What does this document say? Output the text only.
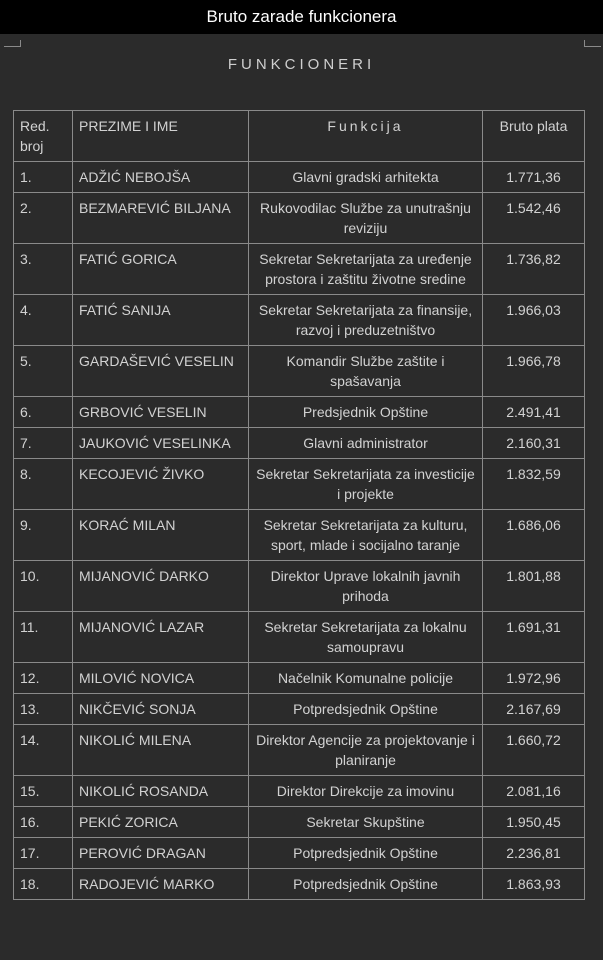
Bruto zarade funkcionera
FUNKCIONERI
Red. broj	PREZIME I IME	Funkcija	Bruto plata
1.	ADŽIĆ NEBOJŠA	Glavni gradski arhitekta	1.771,36
2.	BEZMAREVIĆ BILJANA	Rukovodilac Službe za unutrašnju reviziju	1.542,46
3.	FATIĆ GORICA	Sekretar Sekretarijata za uređenje prostora i zaštitu životne sredine	1.736,82
4.	FATIĆ SANIJA	Sekretar Sekretarijata za finansije, razvoj i preduzetništvo	1.966,03
5.	GARDAŠEVIĆ VESELIN	Komandir Službe zaštite i spašavanja	1.966,78
6.	GRBOVIĆ VESELIN	Predsjednik Opštine	2.491,41
7.	JAUKOVIĆ VESELINKA	Glavni administrator	2.160,31
8.	KECOJEVIĆ ŽIVKO	Sekretar Sekretarijata za investicije i projekte	1.832,59
9.	KORAĆ MILAN	Sekretar Sekretarijata za kulturu, sport, mlade i socijalno taranje	1.686,06
10.	MIJANOVIĆ DARKO	Direktor Uprave lokalnih javnih prihoda	1.801,88
11.	MIJANOVIĆ LAZAR	Sekretar Sekretarijata za lokalnu samoupravu	1.691,31
12.	MILOVIĆ NOVICA	Načelnik Komunalne policije	1.972,96
13.	NIKČEVIĆ SONJA	Potpredsjednik Opštine	2.167,69
14.	NIKOLIĆ MILENA	Direktor Agencije za projektovanje i planiranje	1.660,72
15.	NIKOLIĆ ROSANDA	Direktor Direkcije za imovinu	2.081,16
16.	PEKIĆ ZORICA	Sekretar Skupštine	1.950,45
17.	PEROVIĆ DRAGAN	Potpredsjednik Opštine	2.236,81
18.	RADOJEVIĆ MARKO	Potpredsjednik Opštine	1.863,93
